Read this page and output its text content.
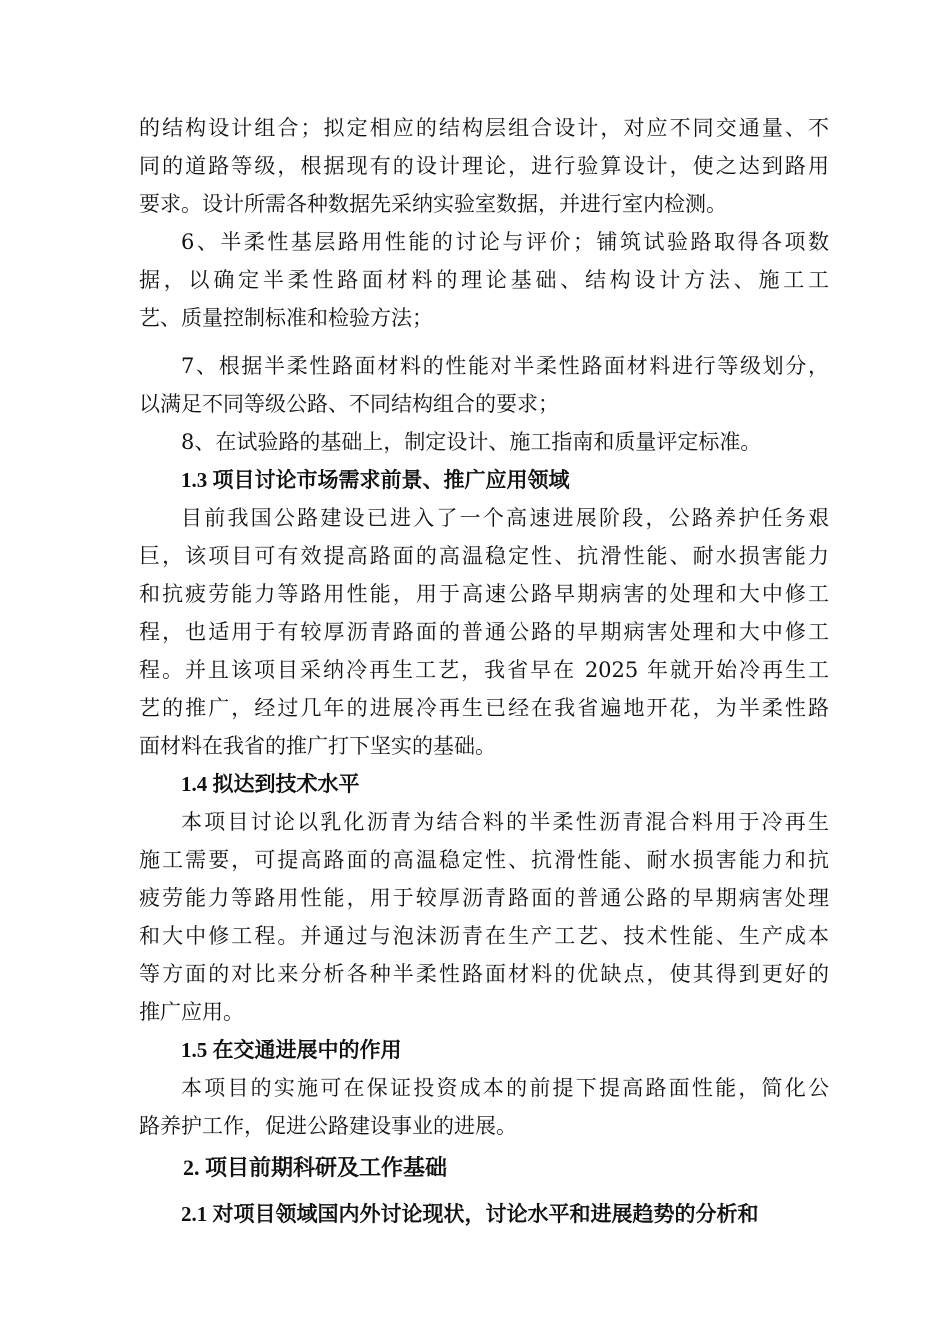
的结构设计组合；拟定相应的结构层组合设计，对应不同交通量、不
同的道路等级，根据现有的设计理论，进行验算设计，使之达到路用
要求。设计所需各种数据先采纳实验室数据，并进行室内检测。
6、半柔性基层路用性能的讨论与评价；铺筑试验路取得各项数
据，以确定半柔性路面材料的理论基础、结构设计方法、施工工
艺、质量控制标准和检验方法；
7、根据半柔性路面材料的性能对半柔性路面材料进行等级划分，
以满足不同等级公路、不同结构组合的要求；
8、在试验路的基础上，制定设计、施工指南和质量评定标准。
1.3 项目讨论市场需求前景、推广应用领域
目前我国公路建设已进入了一个高速进展阶段，公路养护任务艰
巨，该项目可有效提高路面的高温稳定性、抗滑性能、耐水损害能力
和抗疲劳能力等路用性能，用于高速公路早期病害的处理和大中修工
程，也适用于有较厚沥青路面的普通公路的早期病害处理和大中修工
程。并且该项目采纳冷再生工艺，我省早在 2025 年就开始冷再生工
艺的推广，经过几年的进展冷再生已经在我省遍地开花，为半柔性路
面材料在我省的推广打下坚实的基础。
1.4 拟达到技术水平
本项目讨论以乳化沥青为结合料的半柔性沥青混合料用于冷再生
施工需要，可提高路面的高温稳定性、抗滑性能、耐水损害能力和抗
疲劳能力等路用性能，用于较厚沥青路面的普通公路的早期病害处理
和大中修工程。并通过与泡沫沥青在生产工艺、技术性能、生产成本
等方面的对比来分析各种半柔性路面材料的优缺点，使其得到更好的
推广应用。
1.5 在交通进展中的作用
本项目的实施可在保证投资成本的前提下提高路面性能，简化公
路养护工作，促进公路建设事业的进展。
2. 项目前期科研及工作基础
2.1 对项目领域国内外讨论现状，讨论水平和进展趋势的分析和
